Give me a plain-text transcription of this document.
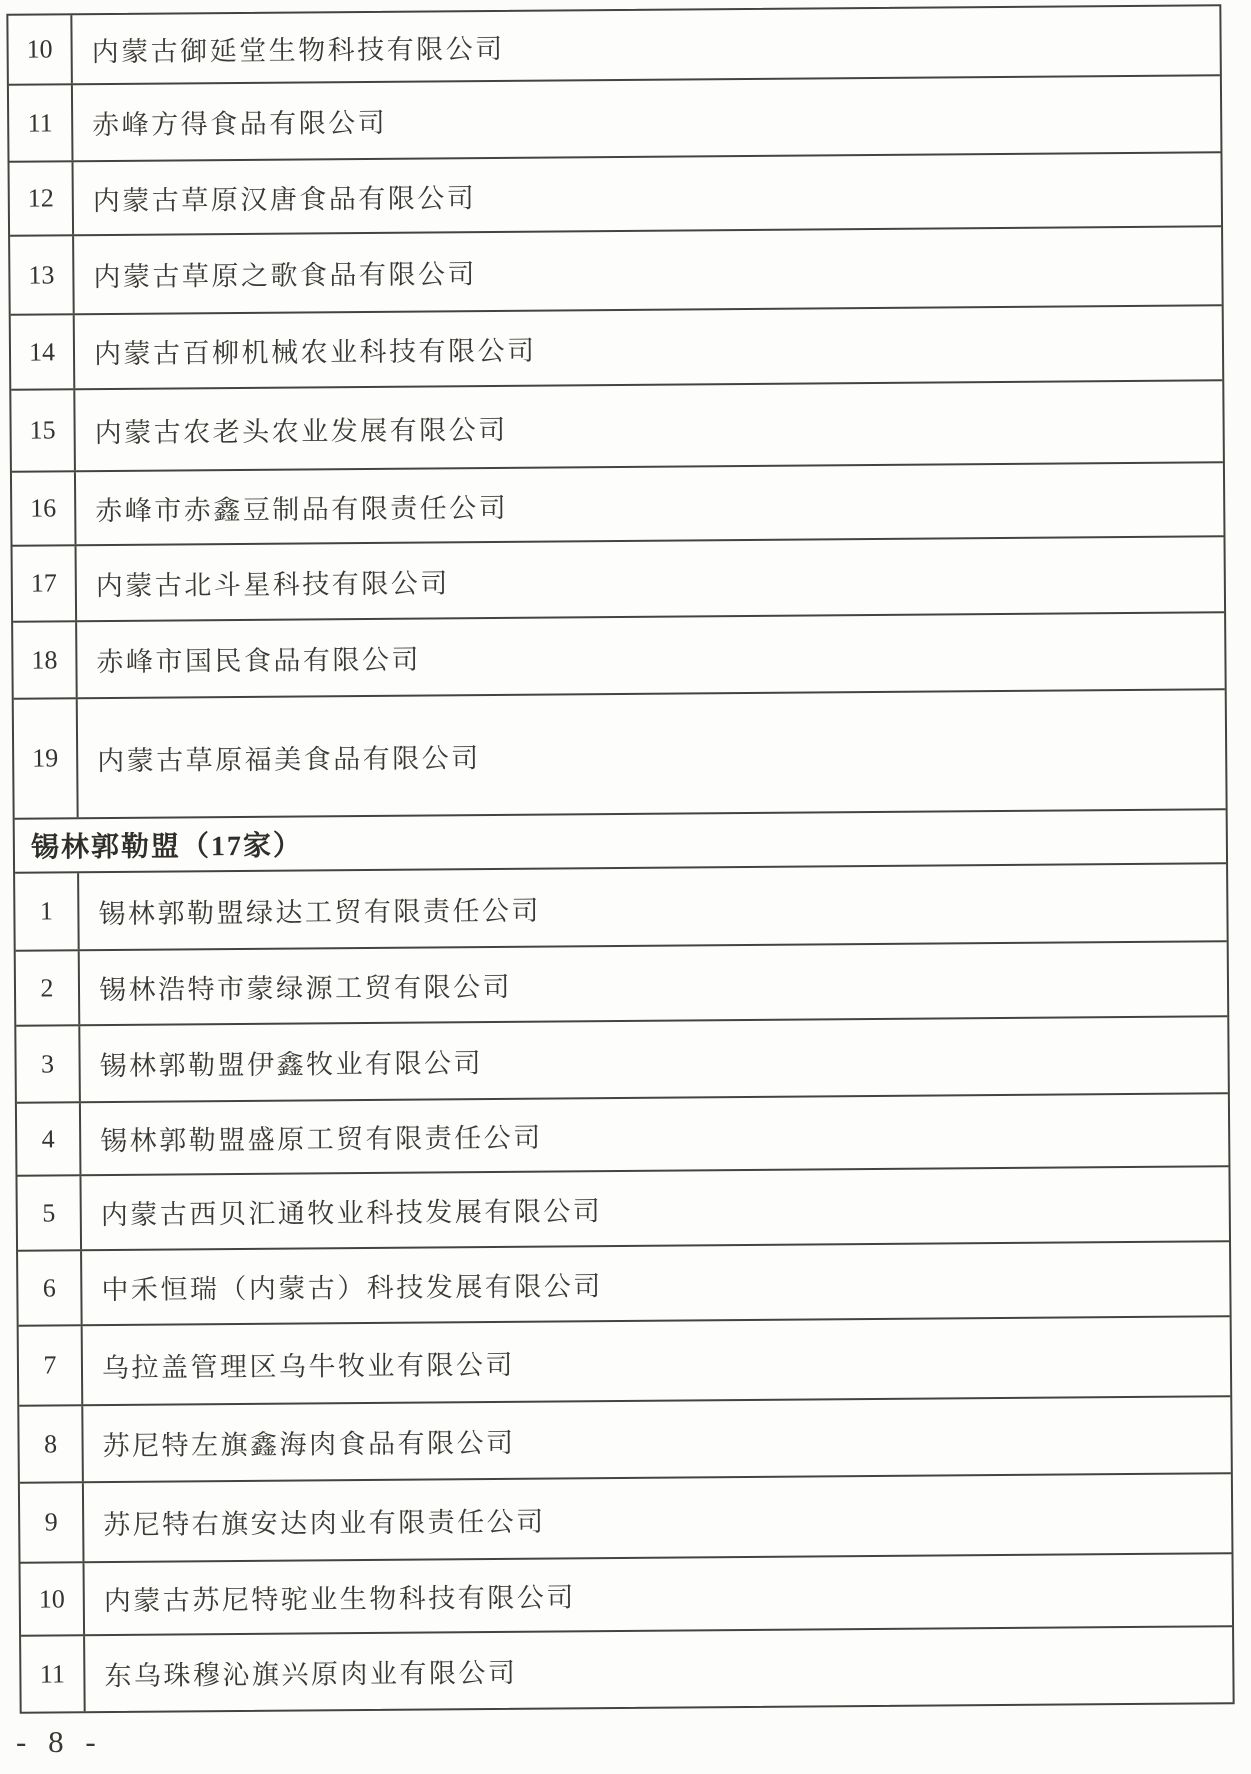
10	内蒙古御延堂生物科技有限公司
11	赤峰方得食品有限公司
12	内蒙古草原汉唐食品有限公司
13	内蒙古草原之歌食品有限公司
14	内蒙古百柳机械农业科技有限公司
15	内蒙古农老头农业发展有限公司
16	赤峰市赤鑫豆制品有限责任公司
17	内蒙古北斗星科技有限公司
18	赤峰市国民食品有限公司
19	内蒙古草原福美食品有限公司
锡林郭勒盟（17家）
1	锡林郭勒盟绿达工贸有限责任公司
2	锡林浩特市蒙绿源工贸有限公司
3	锡林郭勒盟伊鑫牧业有限公司
4	锡林郭勒盟盛原工贸有限责任公司
5	内蒙古西贝汇通牧业科技发展有限公司
6	中禾恒瑞（内蒙古）科技发展有限公司
7	乌拉盖管理区乌牛牧业有限公司
8	苏尼特左旗鑫海肉食品有限公司
9	苏尼特右旗安达肉业有限责任公司
10	内蒙古苏尼特驼业生物科技有限公司
11	东乌珠穆沁旗兴原肉业有限公司
- 8 -
